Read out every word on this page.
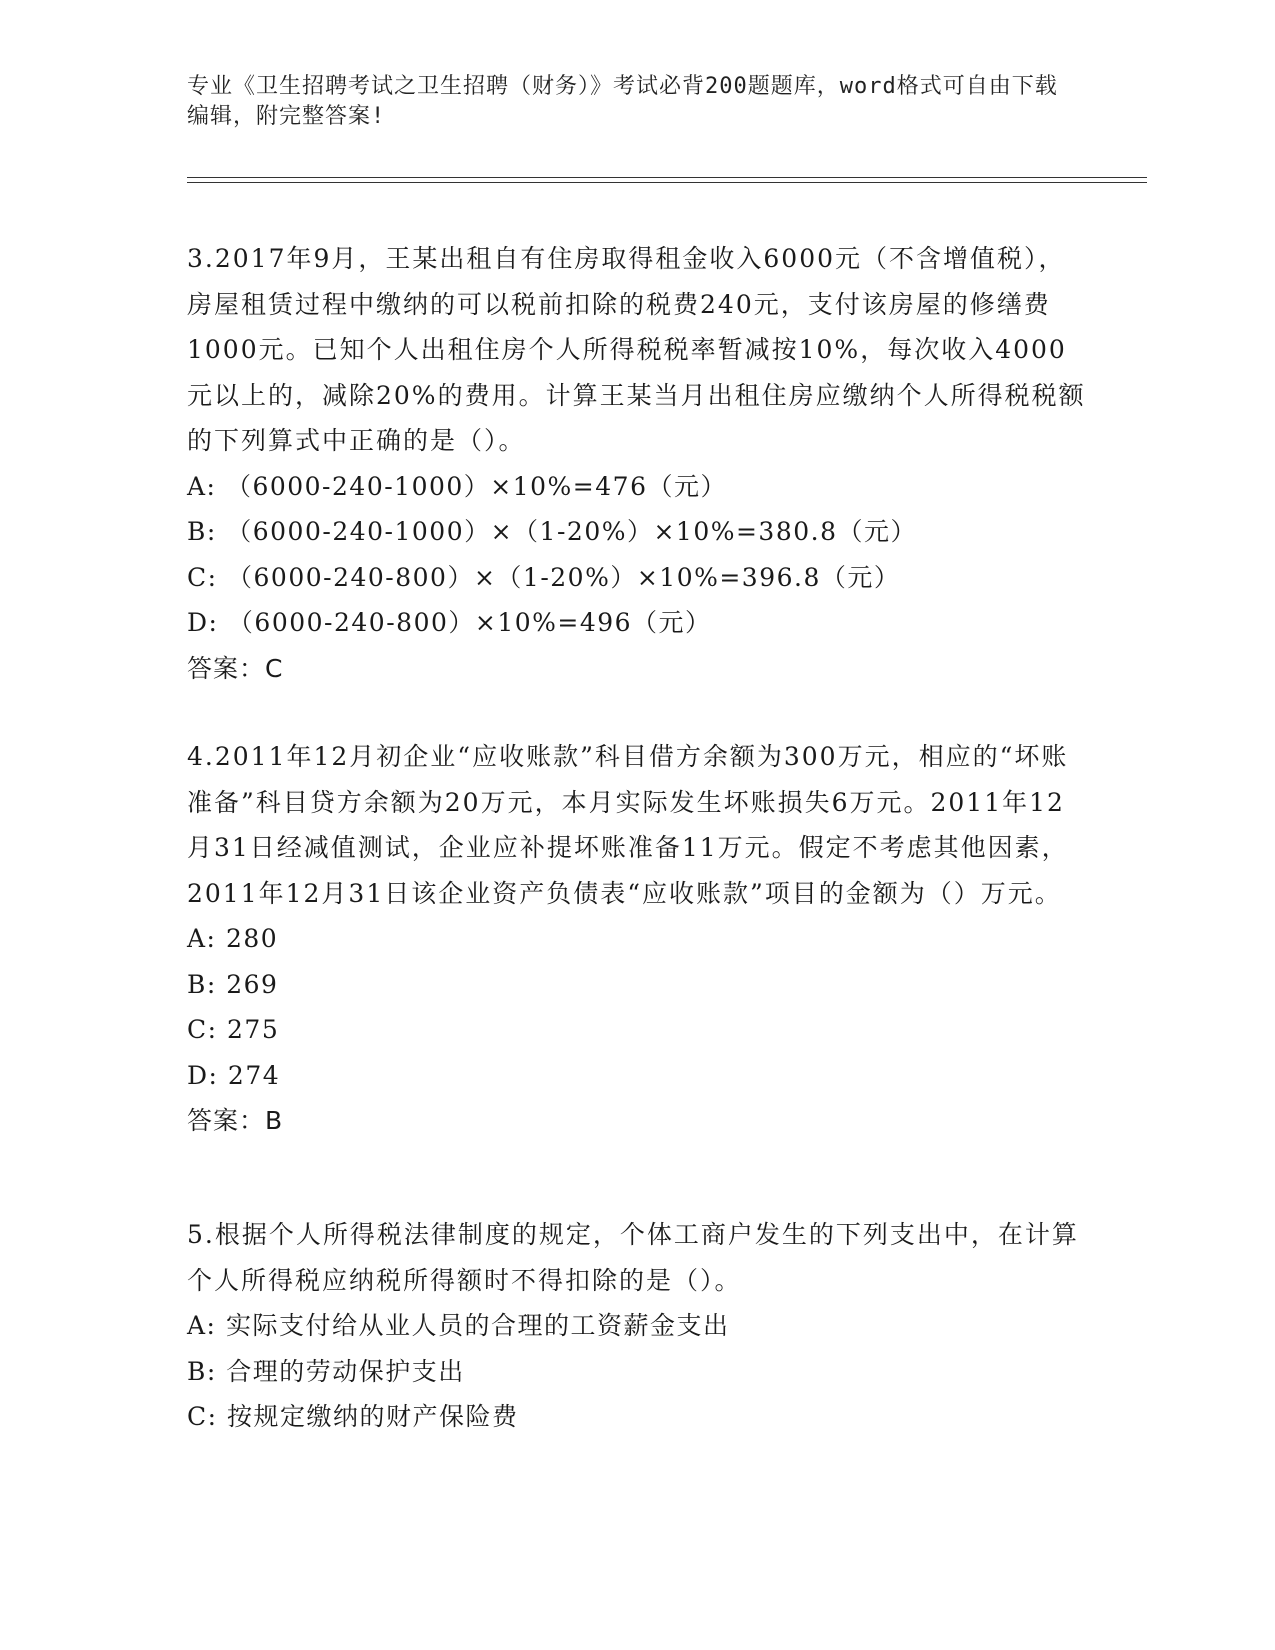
专业《卫生招聘考试之卫生招聘（财务）》考试必背200题题库，word格式可自由下载编辑，附完整答案!

3.2017年9月，王某出租自有住房取得租金收入6000元（不含增值税），房屋租赁过程中缴纳的可以税前扣除的税费240元，支付该房屋的修缮费1000元。已知个人出租住房个人所得税税率暂减按10%，每次收入4000元以上的，减除20%的费用。计算王某当月出租住房应缴纳个人所得税税额的下列算式中正确的是（）。

A: （6000-240-1000）×10%=476（元）

B: （6000-240-1000）×（1-20%）×10%=380.8（元）

C: （6000-240-800）×（1-20%）×10%=396.8（元）

D: （6000-240-800）×10%=496（元）

答案：C

4.2011年12月初企业“应收账款”科目借方余额为300万元，相应的“坏账准备”科目贷方余额为20万元，本月实际发生坏账损失6万元。2011年12月31日经减值测试，企业应补提坏账准备11万元。假定不考虑其他因素，2011年12月31日该企业资产负债表“应收账款”项目的金额为（）万元。

A: 280

B: 269

C: 275

D: 274

答案：B

5.根据个人所得税法律制度的规定，个体工商户发生的下列支出中，在计算个人所得税应纳税所得额时不得扣除的是（）。

A: 实际支付给从业人员的合理的工资薪金支出

B: 合理的劳动保护支出

C: 按规定缴纳的财产保险费
